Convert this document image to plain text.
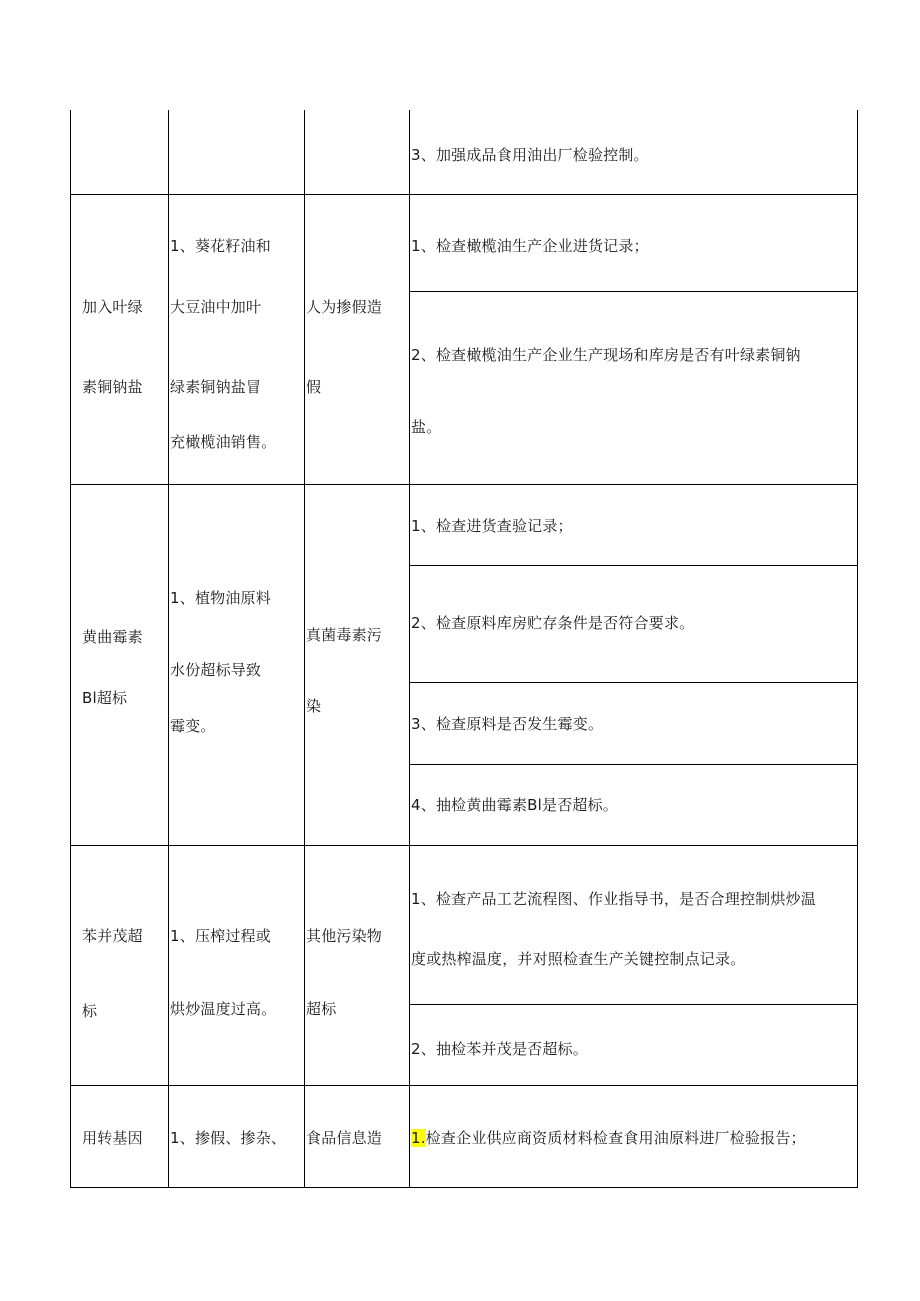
3、加强成品食用油出厂检验控制。
加入叶绿
素铜钠盐
1、葵花籽油和
大豆油中加叶
绿素铜钠盐冒
充橄榄油销售。
人为掺假造
假
1、检查橄榄油生产企业进货记录；
2、检查橄榄油生产企业生产现场和库房是否有叶绿素铜钠
盐。
黄曲霉素
Bl超标
1、植物油原料
水份超标导致
霉变。
真菌毒素污
染
1、检查进货查验记录；
2、检查原料库房贮存条件是否符合要求。
3、检查原料是否发生霉变。
4、抽检黄曲霉素Bl是否超标。
苯并茂超
标
1、压榨过程或
烘炒温度过高。
其他污染物
超标
1、检查产品工艺流程图、作业指导书，是否合理控制烘炒温
度或热榨温度，并对照检查生产关键控制点记录。
2、抽检苯并茂是否超标。
用转基因 1、掺假、掺杂、 食品信息造 1.检查企业供应商资质材料检查食用油原料进厂检验报告；
